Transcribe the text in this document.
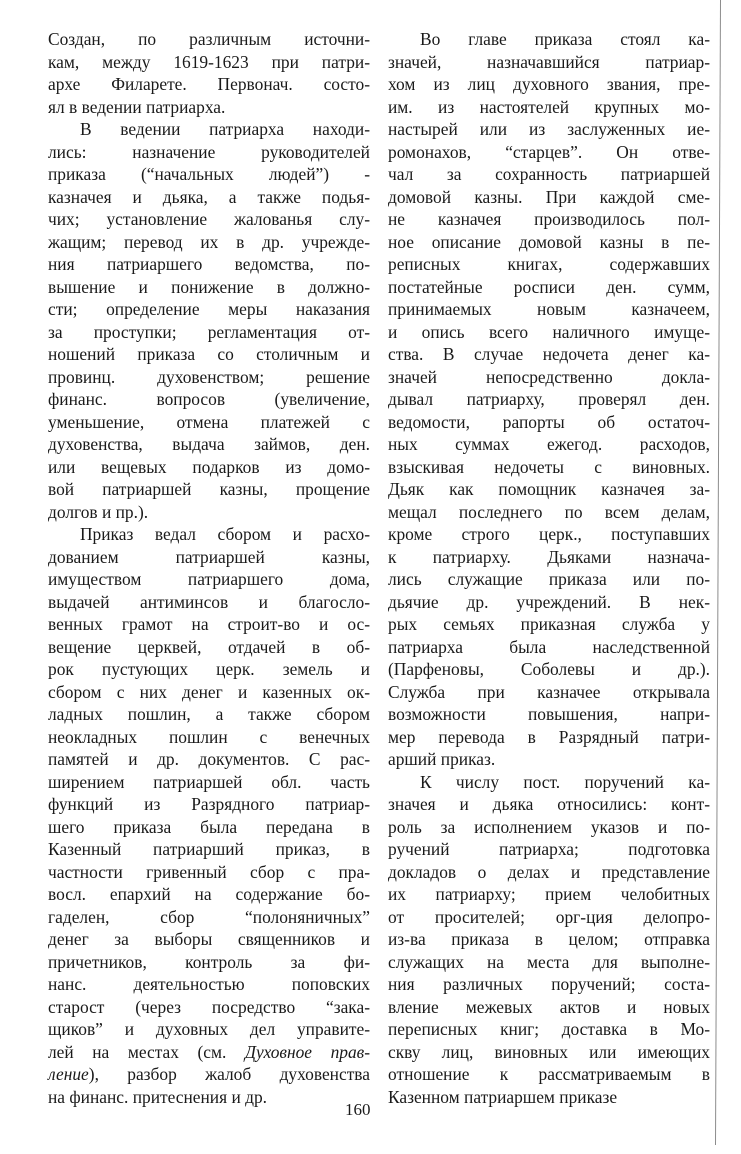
Создан, по различным источни-
кам, между 1619-1623 при патри-
архе Филарете. Первонач. состо-
ял в ведении патриарха.
В ведении патриарха находи-
лись: назначение руководителей
приказа (“начальных людей”) -
казначея и дьяка, а также подья-
чих; установление жалованья слу-
жащим; перевод их в др. учрежде-
ния патриаршего ведомства, по-
вышение и понижение в должно-
сти; определение меры наказания
за проступки; регламентация от-
ношений приказа со столичным и
провинц. духовенством; решение
финанс. вопросов (увеличение,
уменьшение, отмена платежей с
духовенства, выдача займов, ден.
или вещевых подарков из домо-
вой патриаршей казны, прощение
долгов и пр.).
Приказ ведал сбором и расхо-
дованием патриаршей казны,
имуществом патриаршего дома,
выдачей антиминсов и благосло-
венных грамот на строит-во и ос-
вещение церквей, отдачей в об-
рок пустующих церк. земель и
сбором с них денег и казенных ок-
ладных пошлин, а также сбором
неокладных пошлин с венечных
памятей и др. документов. С рас-
ширением патриаршей обл. часть
функций из Разрядного патриар-
шего приказа была передана в
Казенный патриарший приказ, в
частности гривенный сбор с пра-
восл. епархий на содержание бо-
гаделен, сбор “полоняничных”
денег за выборы священников и
причетников, контроль за фи-
нанс. деятельностью поповских
старост (через посредство “зака-
щиков” и духовных дел управите-
лей на местах (см. Духовное прав-
ление), разбор жалоб духовенства
на финанс. притеснения и др.
Во главе приказа стоял ка-
значей, назначавшийся патриар-
хом из лиц духовного звания, пре-
им. из настоятелей крупных мо-
настырей или из заслуженных ие-
ромонахов, “старцев”. Он отве-
чал за сохранность патриаршей
домовой казны. При каждой сме-
не казначея производилось пол-
ное описание домовой казны в пе-
реписных книгах, содержавших
постатейные росписи ден. сумм,
принимаемых новым казначеем,
и опись всего наличного имуще-
ства. В случае недочета денег ка-
значей непосредственно докла-
дывал патриарху, проверял ден.
ведомости, рапорты об остаточ-
ных суммах ежегод. расходов,
взыскивая недочеты с виновных.
Дьяк как помощник казначея за-
мещал последнего по всем делам,
кроме строго церк., поступавших
к патриарху. Дьяками назнача-
лись служащие приказа или по-
дьячие др. учреждений. В нек-
рых семьях приказная служба у
патриарха была наследственной
(Парфеновы, Соболевы и др.).
Служба при казначее открывала
возможности повышения, напри-
мер перевода в Разрядный патри-
арший приказ.
К числу пост. поручений ка-
значея и дьяка относились: конт-
роль за исполнением указов и по-
ручений патриарха; подготовка
докладов о делах и представление
их патриарху; прием челобитных
от просителей; орг-ция делопро-
из-ва приказа в целом; отправка
служащих на места для выполне-
ния различных поручений; соста-
вление межевых актов и новых
переписных книг; доставка в Мо-
скву лиц, виновных или имеющих
отношение к рассматриваемым в
Казенном патриаршем приказе
160
